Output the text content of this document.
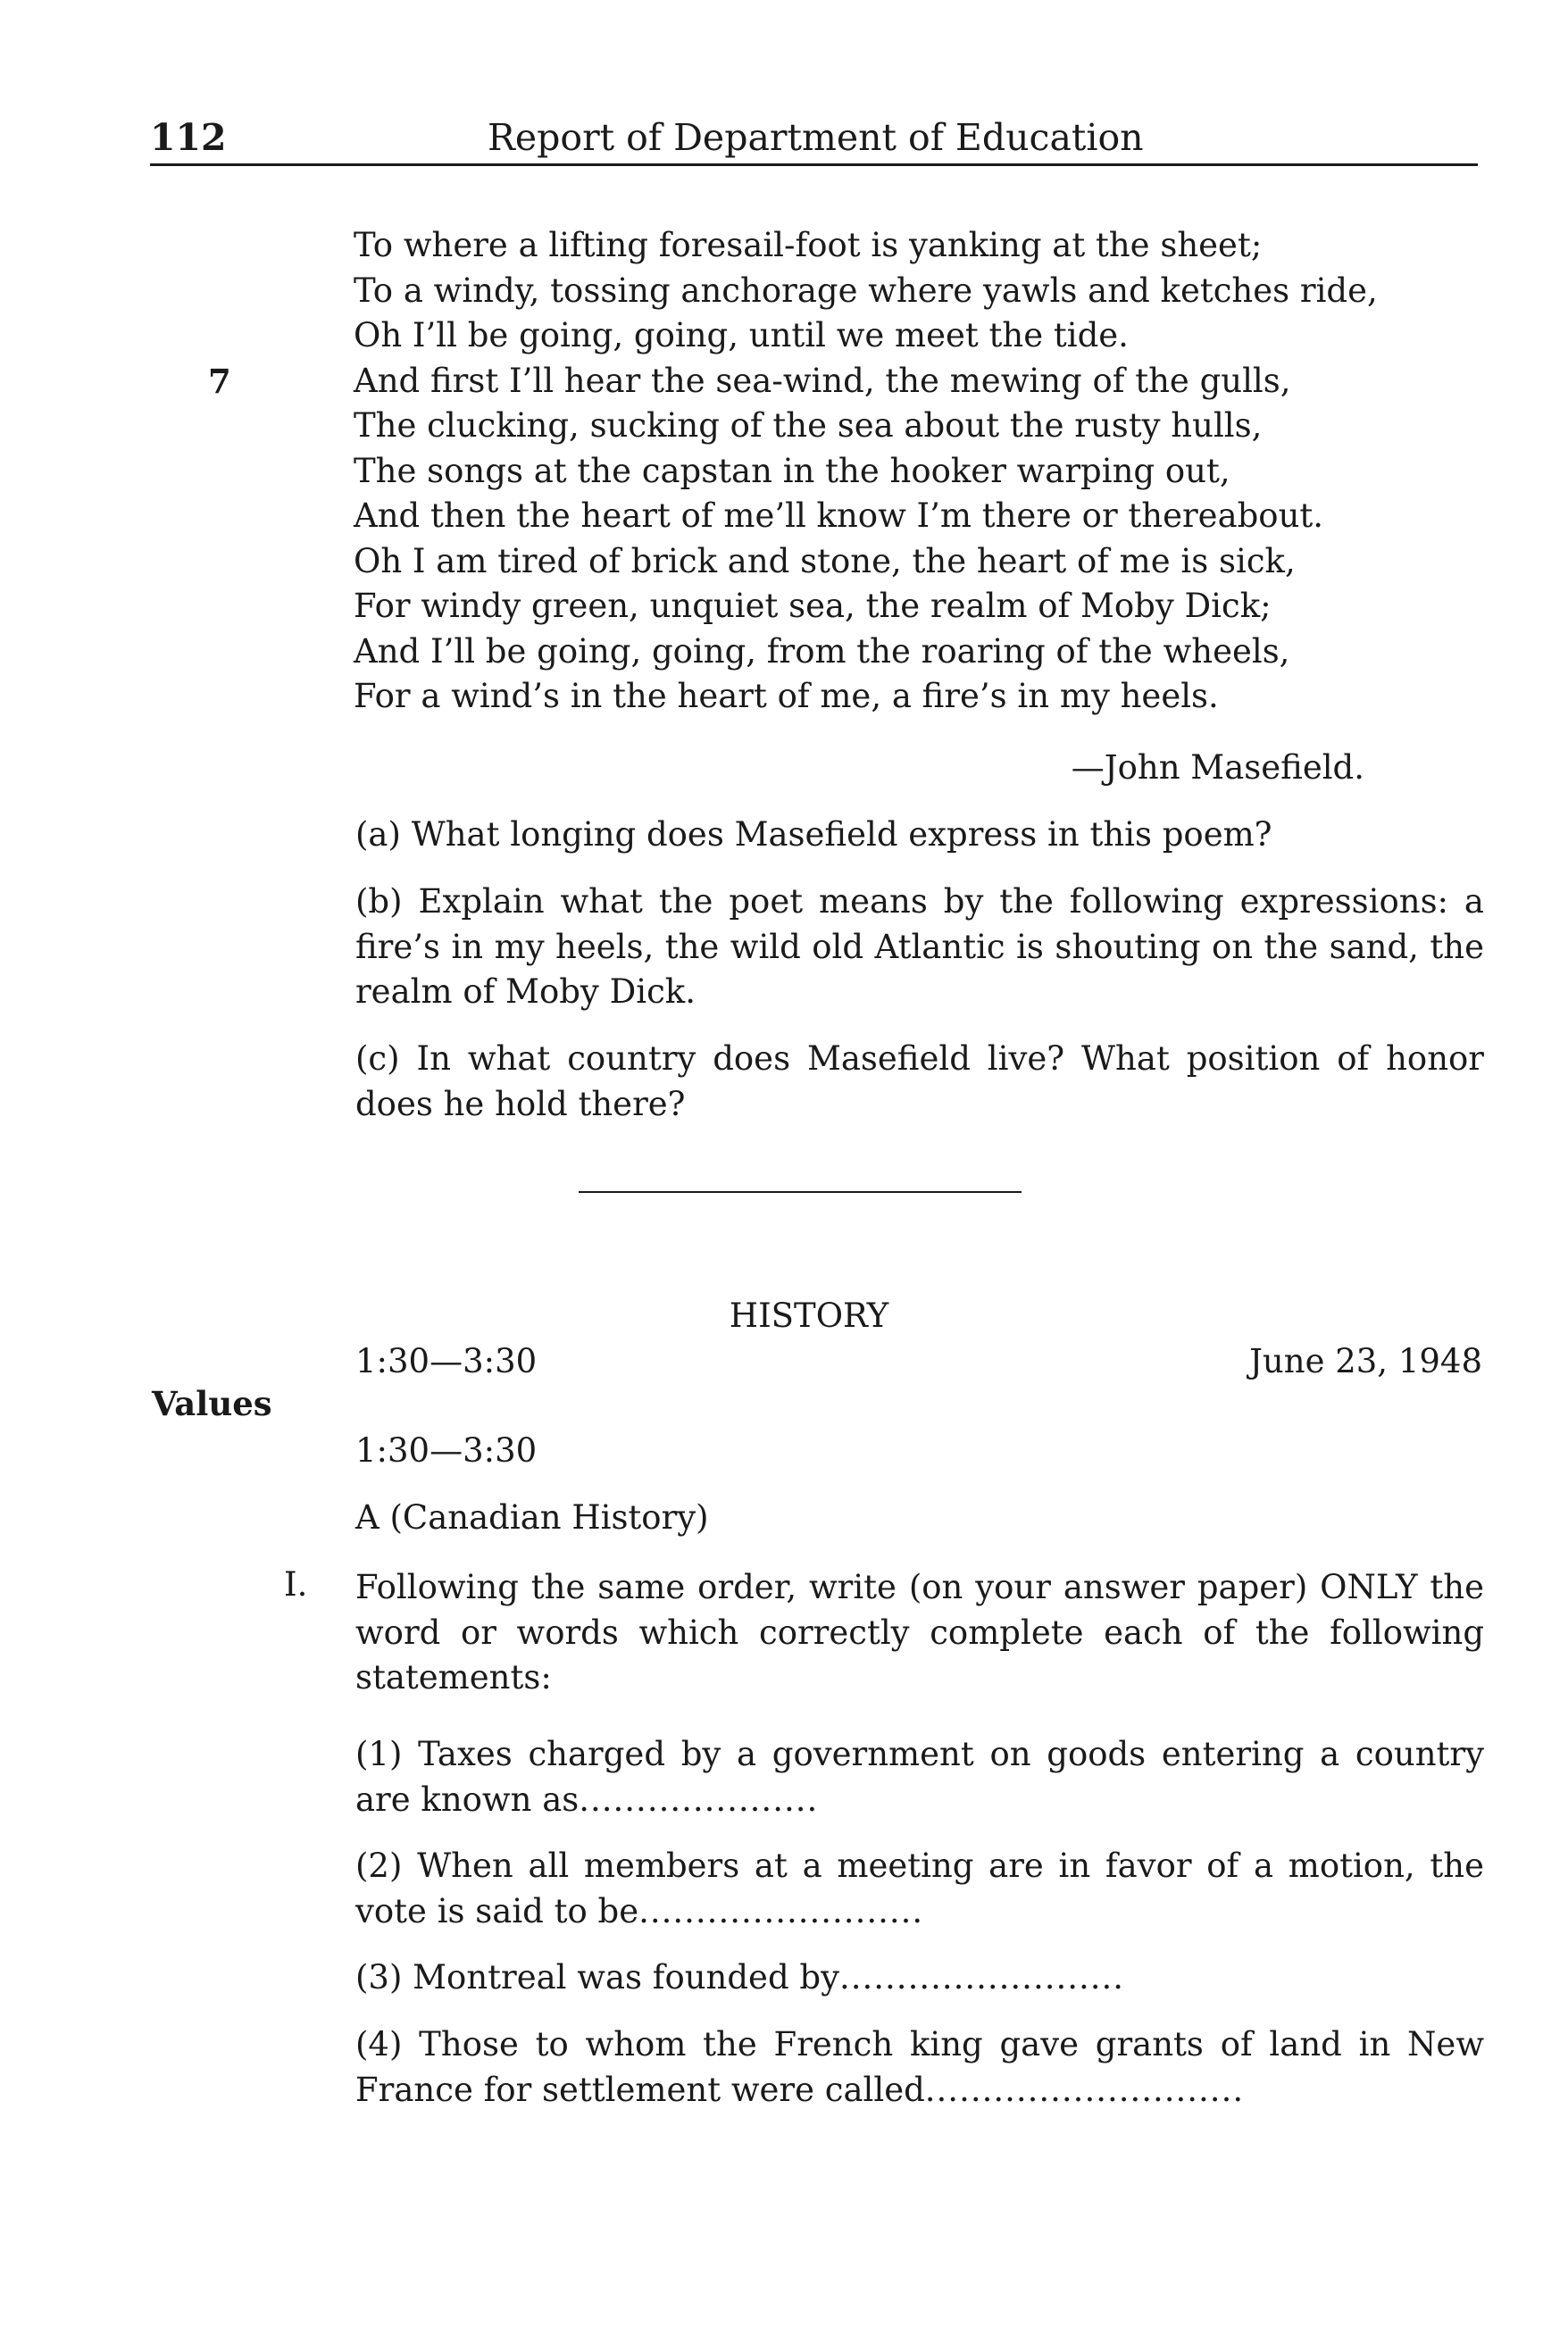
112	Report of Department of Education
To where a lifting foresail-foot is yanking at the sheet;
To a windy, tossing anchorage where yawls and ketches ride,
Oh I’ll be going, going, until we meet the tide.
And first I’ll hear the sea-wind, the mewing of the gulls,
The clucking, sucking of the sea about the rusty hulls,
The songs at the capstan in the hooker warping out,
And then the heart of me’ll know I’m there or thereabout.
Oh I am tired of brick and stone, the heart of me is sick,
For windy green, unquiet sea, the realm of Moby Dick;
And I’ll be going, going, from the roaring of the wheels,
For a wind’s in the heart of me, a fire’s in my heels.
7
—John Masefield.
(a) What longing does Masefield express in this poem?
(b) Explain what the poet means by the following expressions: a fire’s in my heels, the wild old Atlantic is shouting on the sand, the realm of Moby Dick.
(c) In what country does Masefield live? What position of honor does he hold there?
HISTORY
1:30—3:30	June 23, 1948
Values
1:30—3:30
A (Canadian History)
I. Following the same order, write (on your answer paper) ONLY the word or words which correctly complete each of the following statements:
(1) Taxes charged by a government on goods entering a country are known as.....................
(2) When all members at a meeting are in favor of a motion, the vote is said to be.........................
(3) Montreal was founded by.........................
(4) Those to whom the French king gave grants of land in New France for settlement were called............................
